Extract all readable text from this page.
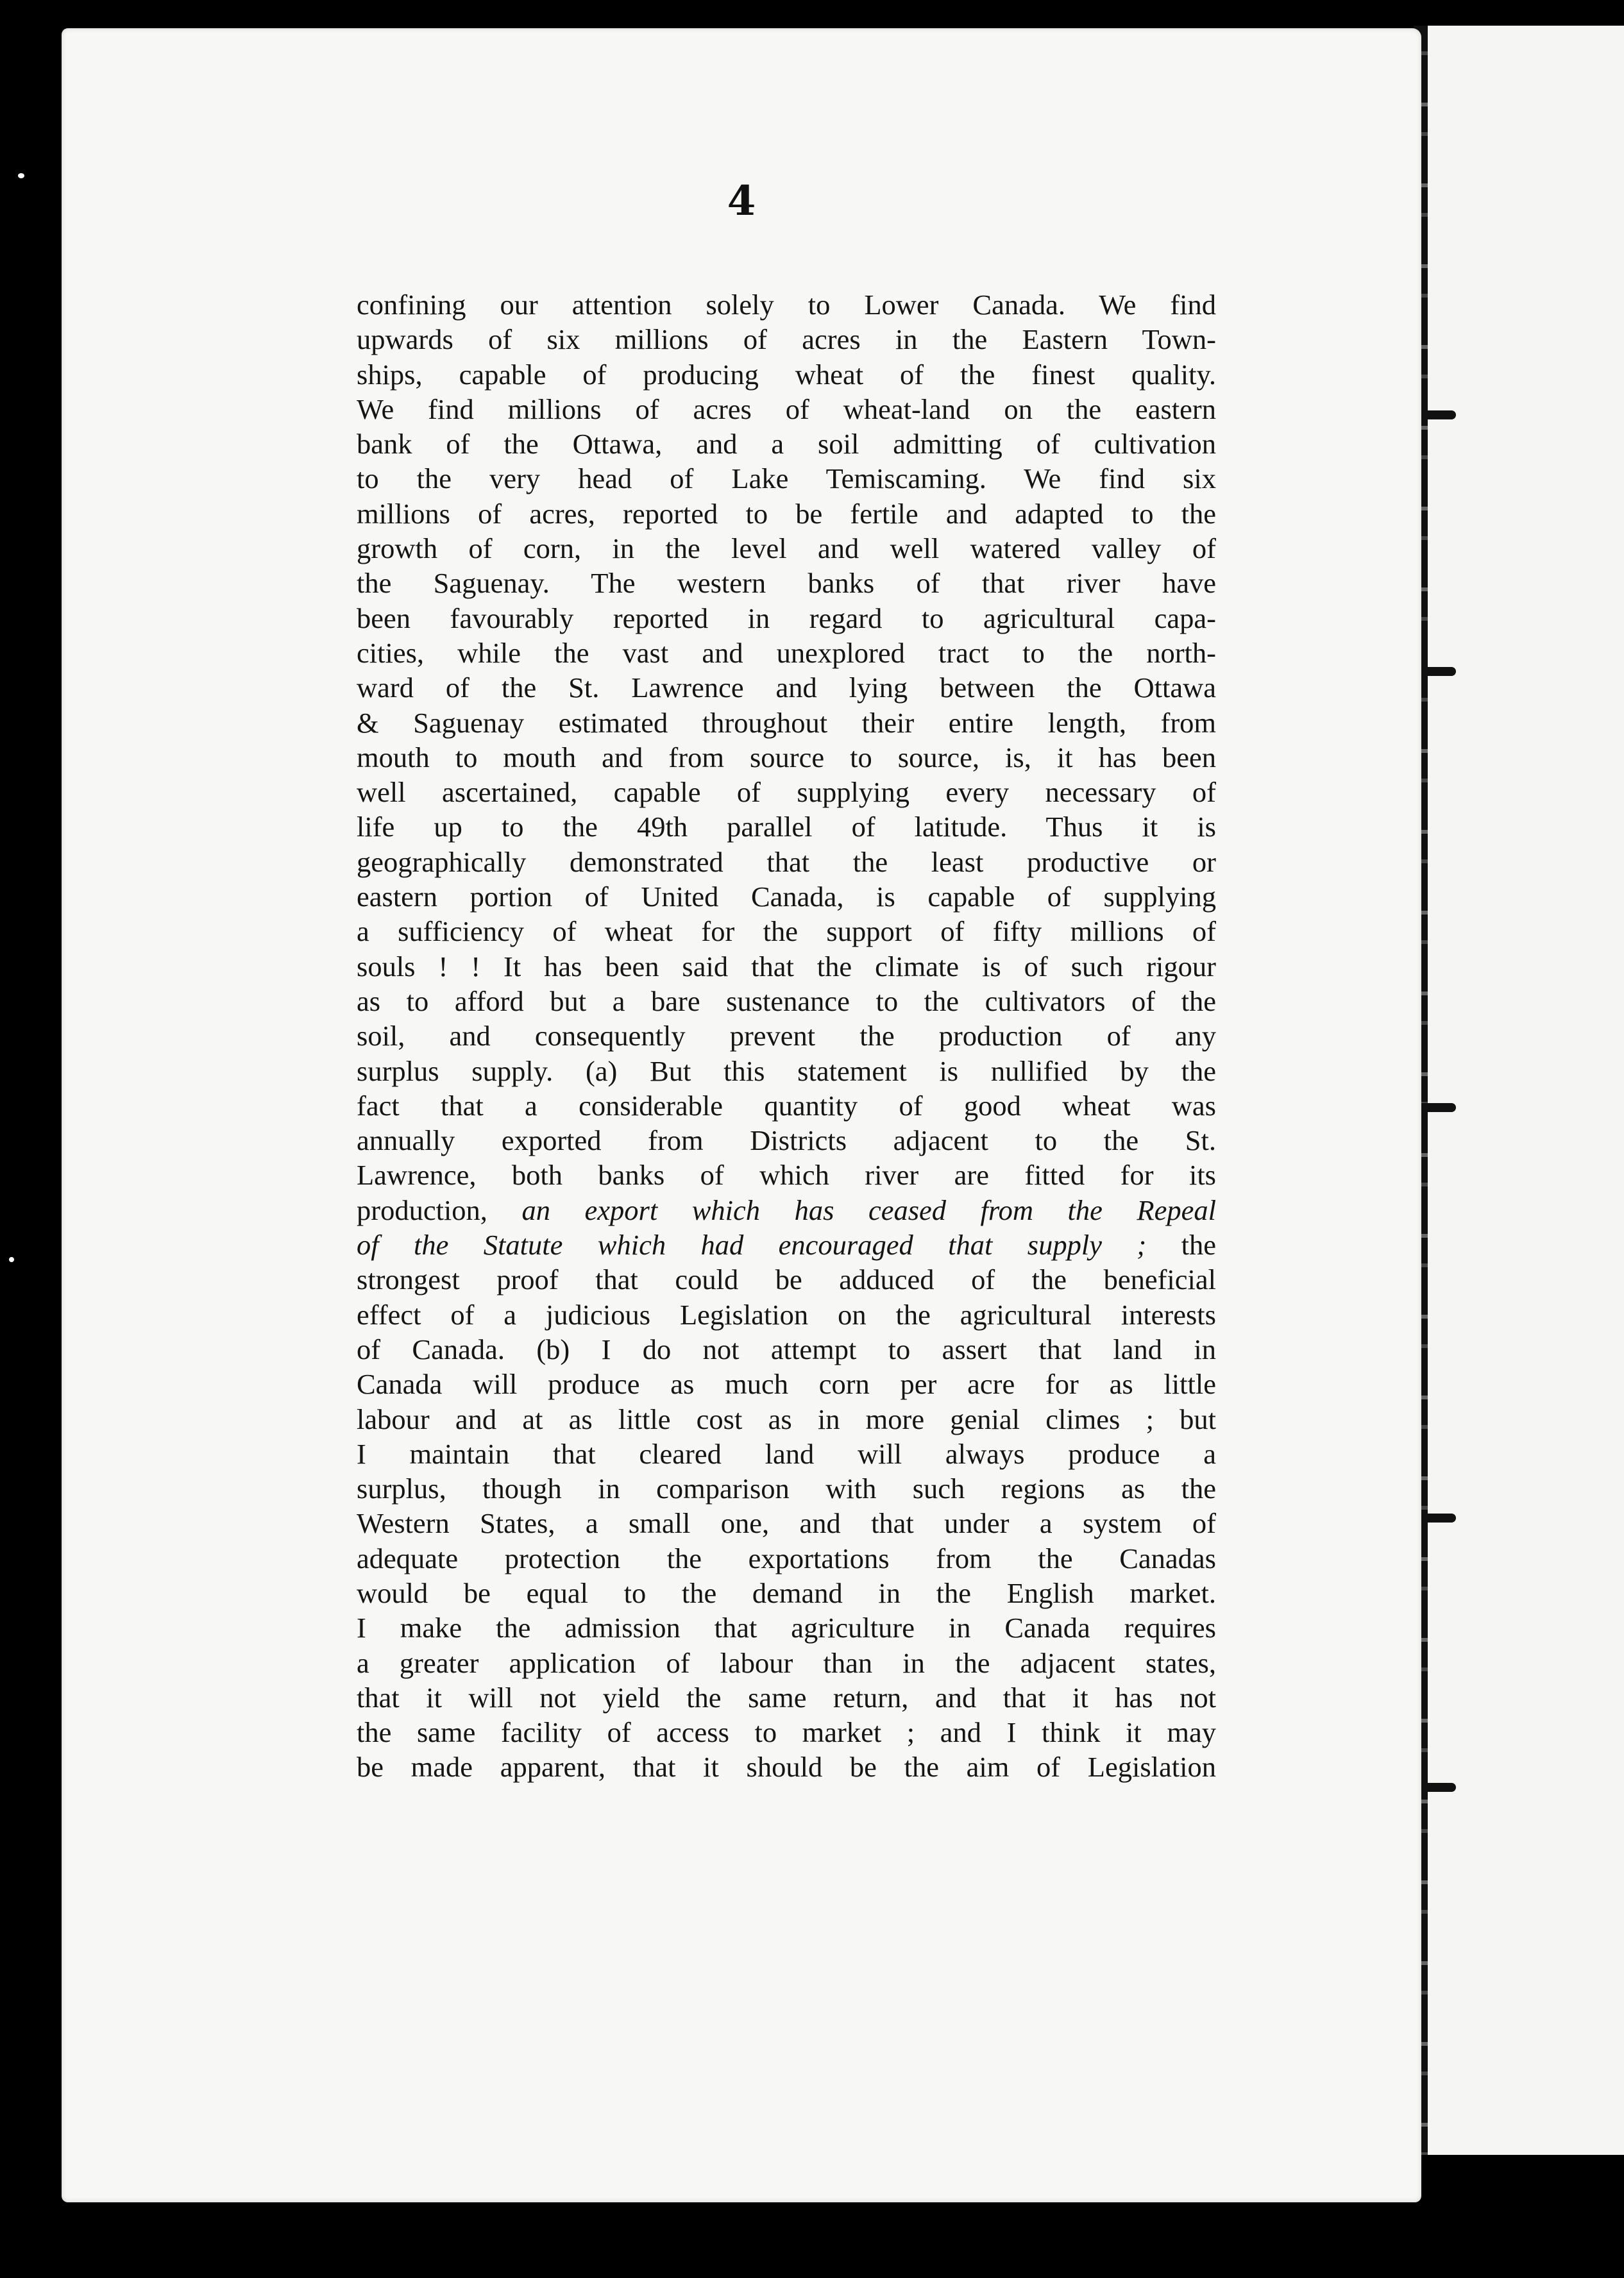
4
confining our attention solely to Lower Canada. We find
upwards of six millions of acres in the Eastern Town-
ships, capable of producing wheat of the finest quality.
We find millions of acres of wheat-land on the eastern
bank of the Ottawa, and a soil admitting of cultivation
to the very head of Lake Temiscaming. We find six
millions of acres, reported to be fertile and adapted to the
growth of corn, in the level and well watered valley of
the Saguenay. The western banks of that river have
been favourably reported in regard to agricultural capa-
cities, while the vast and unexplored tract to the north-
ward of the St. Lawrence and lying between the Ottawa
& Saguenay estimated throughout their entire length, from
mouth to mouth and from source to source, is, it has been
well ascertained, capable of supplying every necessary of
life up to the 49th parallel of latitude. Thus it is
geographically demonstrated that the least productive or
eastern portion of United Canada, is capable of supplying
a sufficiency of wheat for the support of fifty millions of
souls ! ! It has been said that the climate is of such rigour
as to afford but a bare sustenance to the cultivators of the
soil, and consequently prevent the production of any
surplus supply. (a) But this statement is nullified by the
fact that a considerable quantity of good wheat was
annually exported from Districts adjacent to the St.
Lawrence, both banks of which river are fitted for its
production, an export which has ceased from the Repeal
of the Statute which had encouraged that supply ; the
strongest proof that could be adduced of the beneficial
effect of a judicious Legislation on the agricultural interests
of Canada. (b) I do not attempt to assert that land in
Canada will produce as much corn per acre for as little
labour and at as little cost as in more genial climes ; but
I maintain that cleared land will always produce a
surplus, though in comparison with such regions as the
Western States, a small one, and that under a system of
adequate protection the exportations from the Canadas
would be equal to the demand in the English market.
I make the admission that agriculture in Canada requires
a greater application of labour than in the adjacent states,
that it will not yield the same return, and that it has not
the same facility of access to market ; and I think it may
be made apparent, that it should be the aim of Legislation
